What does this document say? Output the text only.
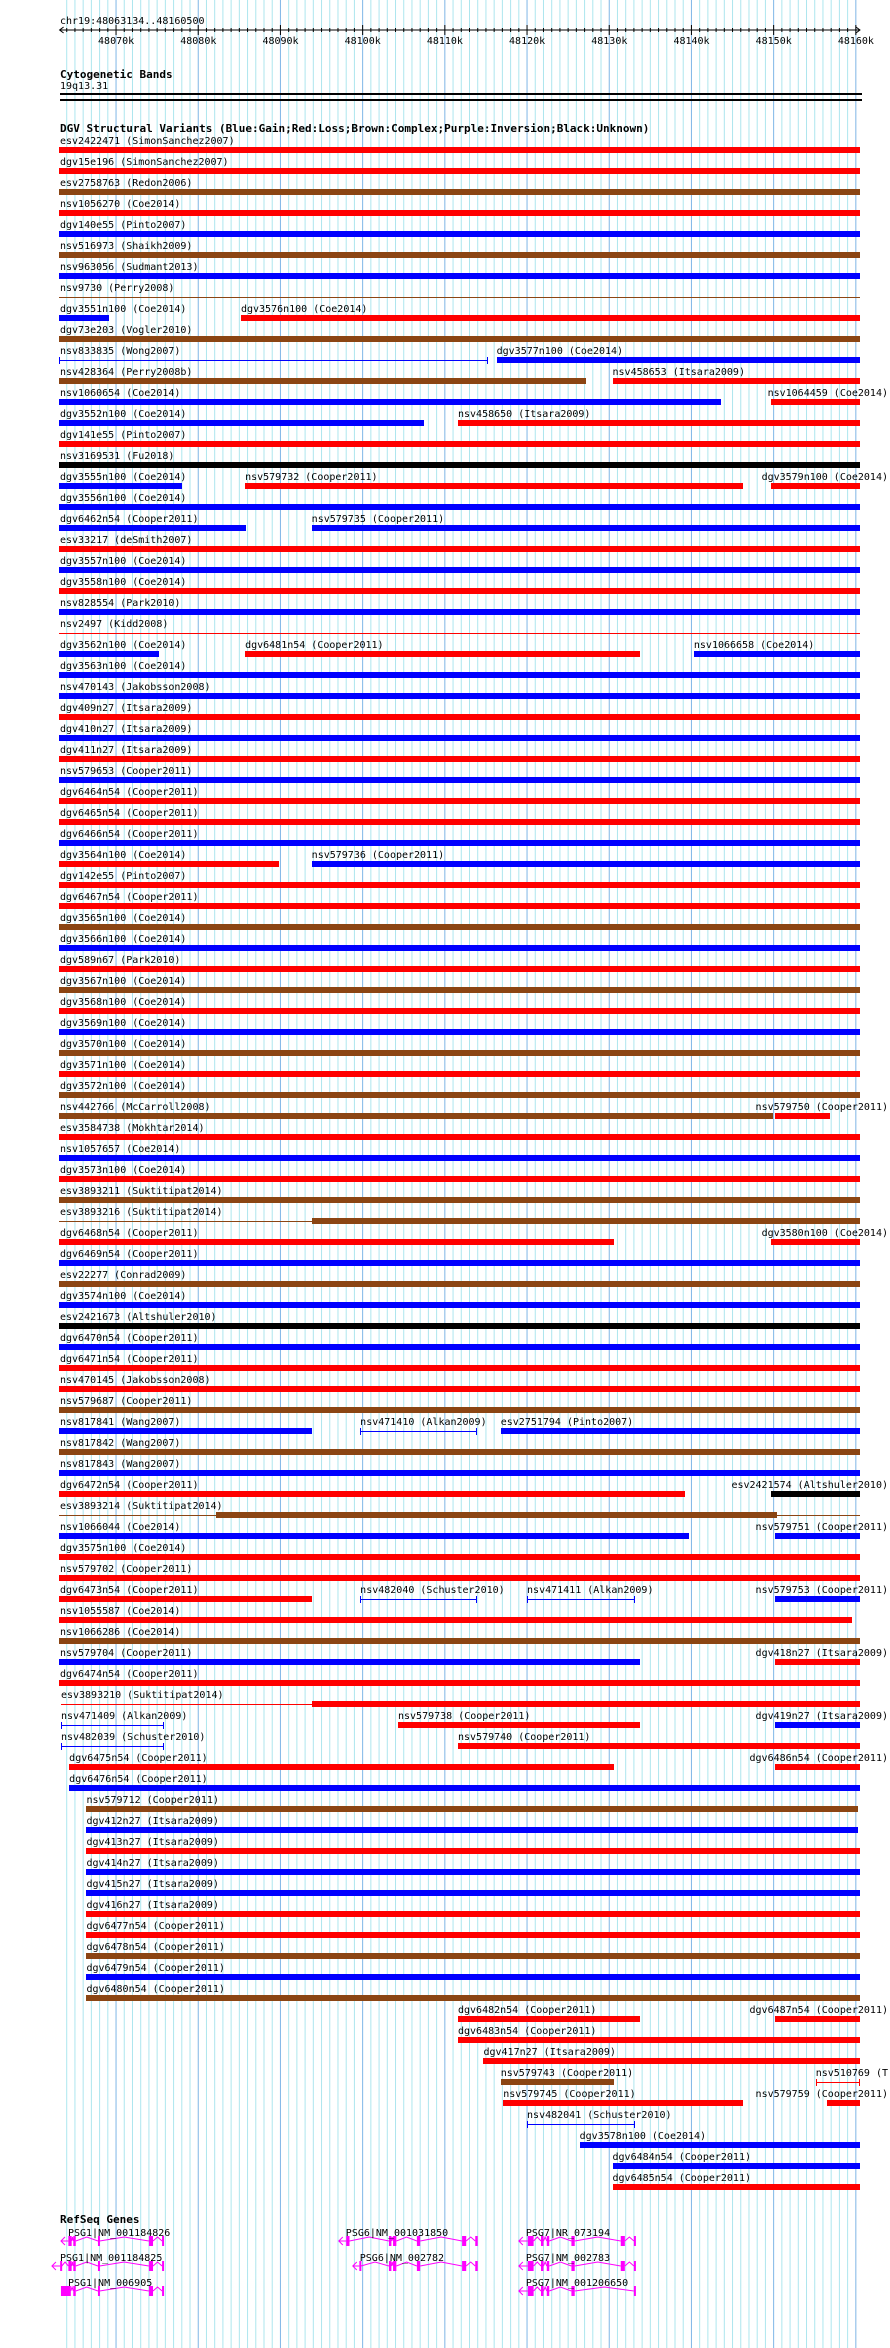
chr19:48063134..48160500
48070k	48080k	48090k	48100k	48110k	48120k	48130k	48140k	48150k	48160k
Cytogenetic Bands
19q13.31
DGV Structural Variants (Blue:Gain;Red:Loss;Brown:Complex;Purple:Inversion;Black:Unknown)
esv2422471 (SimonSanchez2007)
dgv15e196 (SimonSanchez2007)
esv2758763 (Redon2006)
nsv1056270 (Coe2014)
dgv140e55 (Pinto2007)
nsv516973 (Shaikh2009)
nsv963056 (Sudmant2013)
nsv9730 (Perry2008)
dgv3551n100 (Coe2014)	dgv3576n100 (Coe2014)
dgv73e203 (Vogler2010)
nsv833835 (Wong2007)	dgv3577n100 (Coe2014)
nsv428364 (Perry2008b)	nsv458653 (Itsara2009)
nsv1060654 (Coe2014)	nsv1064459 (Coe2014)
dgv3552n100 (Coe2014)	nsv458650 (Itsara2009)
dgv141e55 (Pinto2007)
nsv3169531 (Fu2018)
dgv3555n100 (Coe2014)	nsv579732 (Cooper2011)	dgv3579n100 (Coe2014)
dgv3556n100 (Coe2014)
dgv6462n54 (Cooper2011)	nsv579735 (Cooper2011)
esv33217 (deSmith2007)
dgv3557n100 (Coe2014)
dgv3558n100 (Coe2014)
nsv828554 (Park2010)
nsv2497 (Kidd2008)
dgv3562n100 (Coe2014)	dgv6481n54 (Cooper2011)	nsv1066658 (Coe2014)
dgv3563n100 (Coe2014)
nsv470143 (Jakobsson2008)
dgv409n27 (Itsara2009)
dgv410n27 (Itsara2009)
dgv411n27 (Itsara2009)
nsv579653 (Cooper2011)
dgv6464n54 (Cooper2011)
dgv6465n54 (Cooper2011)
dgv6466n54 (Cooper2011)
dgv3564n100 (Coe2014)	nsv579736 (Cooper2011)
dgv142e55 (Pinto2007)
dgv6467n54 (Cooper2011)
dgv3565n100 (Coe2014)
dgv3566n100 (Coe2014)
dgv589n67 (Park2010)
dgv3567n100 (Coe2014)
dgv3568n100 (Coe2014)
dgv3569n100 (Coe2014)
dgv3570n100 (Coe2014)
dgv3571n100 (Coe2014)
dgv3572n100 (Coe2014)
nsv442766 (McCarroll2008)	nsv579750 (Cooper2011)
esv3584738 (Mokhtar2014)
nsv1057657 (Coe2014)
dgv3573n100 (Coe2014)
esv3893211 (Suktitipat2014)
esv3893216 (Suktitipat2014)
dgv6468n54 (Cooper2011)	dgv3580n100 (Coe2014)
dgv6469n54 (Cooper2011)
esv22277 (Conrad2009)
dgv3574n100 (Coe2014)
esv2421673 (Altshuler2010)
dgv6470n54 (Cooper2011)
dgv6471n54 (Cooper2011)
nsv470145 (Jakobsson2008)
nsv579687 (Cooper2011)
nsv817841 (Wang2007)	nsv471410 (Alkan2009) esv2751794 (Pinto2007)
nsv817842 (Wang2007)
nsv817843 (Wang2007)
dgv6472n54 (Cooper2011)	esv2421574 (Altshuler2010)
esv3893214 (Suktitipat2014)
nsv1066044 (Coe2014)	nsv579751 (Cooper2011)
dgv3575n100 (Coe2014)
nsv579702 (Cooper2011)
dgv6473n54 (Cooper2011)	nsv482040 (Schuster2010) nsv471411 (Alkan2009)	nsv579753 (Cooper2011)
nsv1055587 (Coe2014)
nsv1066286 (Coe2014)
nsv579704 (Cooper2011)	dgv418n27 (Itsara2009)
dgv6474n54 (Cooper2011)
esv3893210 (Suktitipat2014)
nsv471409 (Alkan2009)	nsv579738 (Cooper2011)	dgv419n27 (Itsara2009)
nsv482039 (Schuster2010)	nsv579740 (Cooper2011)
dgv6475n54 (Cooper2011)	dgv6486n54 (Cooper2011)
dgv6476n54 (Cooper2011)
nsv579712 (Cooper2011)
dgv412n27 (Itsara2009)
dgv413n27 (Itsara2009)
dgv414n27 (Itsara2009)
dgv415n27 (Itsara2009)
dgv416n27 (Itsara2009)
dgv6477n54 (Cooper2011)
dgv6478n54 (Cooper2011)
dgv6479n54 (Cooper2011)
dgv6480n54 (Cooper2011)
dgv6482n54 (Cooper2011)	dgv6487n54 (Cooper2011)
dgv6483n54 (Cooper2011)
dgv417n27 (Itsara2009)
nsv579743 (Cooper2011)	nsv510769 (T
nsv579745 (Cooper2011)	nsv579759 (Cooper2011)
nsv482041 (Schuster2010)
dgv3578n100 (Coe2014)
dgv6484n54 (Cooper2011)
dgv6485n54 (Cooper2011)
RefSeq Genes
PSG1|NM_001184826	PSG6|NM_001031850	PSG7|NR_073194
PSG1|NM_001184825	PSG6|NM_002782	PSG7|NM_002783
PSG1|NM_006905	PSG7|NM_001206650
